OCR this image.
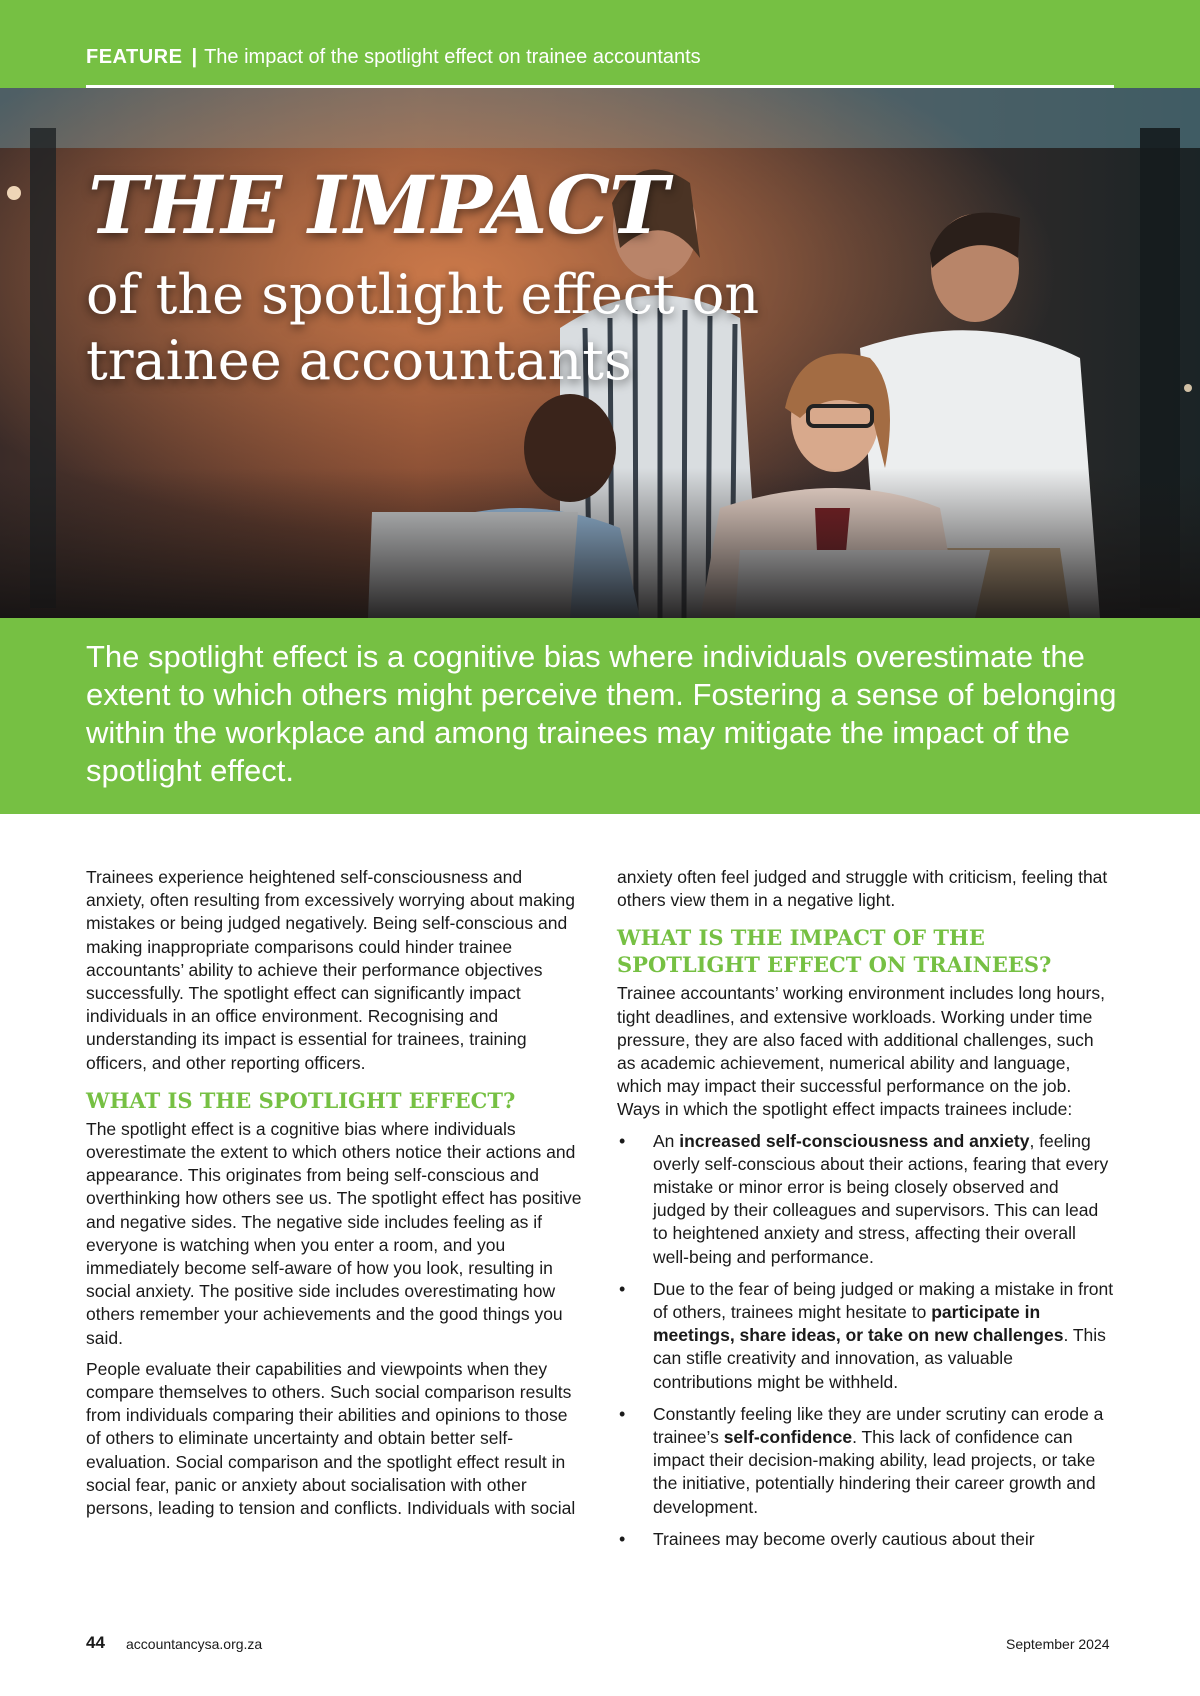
FEATURE | The impact of the spotlight effect on trainee accountants
THE IMPACT
of the spotlight effect on trainee accountants
The spotlight effect is a cognitive bias where individuals overestimate the extent to which others might perceive them. Fostering a sense of belonging within the workplace and among trainees may mitigate the impact of the spotlight effect.

Trainees experience heightened self-consciousness and anxiety, often resulting from excessively worrying about making mistakes or being judged negatively. Being self-conscious and making inappropriate comparisons could hinder trainee accountants’ ability to achieve their performance objectives successfully. The spotlight effect can significantly impact individuals in an office environment. Recognising and understanding its impact is essential for trainees, training officers, and other reporting officers.

WHAT IS THE SPOTLIGHT EFFECT?

The spotlight effect is a cognitive bias where individuals overestimate the extent to which others notice their actions and appearance. This originates from being self-conscious and overthinking how others see us. The spotlight effect has positive and negative sides. The negative side includes feeling as if everyone is watching when you enter a room, and you immediately become self-aware of how you look, resulting in social anxiety. The positive side includes overestimating how others remember your achievements and the good things you said.

People evaluate their capabilities and viewpoints when they compare themselves to others. Such social comparison results from individuals comparing their abilities and opinions to those of others to eliminate uncertainty and obtain better self-evaluation. Social comparison and the spotlight effect result in social fear, panic or anxiety about socialisation with other persons, leading to tension and conflicts. Individuals with social

anxiety often feel judged and struggle with criticism, feeling that others view them in a negative light.

WHAT IS THE IMPACT OF THE SPOTLIGHT EFFECT ON TRAINEES?

Trainee accountants’ working environment includes long hours, tight deadlines, and extensive workloads. Working under time pressure, they are also faced with additional challenges, such as academic achievement, numerical ability and language, which may impact their successful performance on the job. Ways in which the spotlight effect impacts trainees include:

• An increased self-consciousness and anxiety, feeling overly self-conscious about their actions, fearing that every mistake or minor error is being closely observed and judged by their colleagues and supervisors. This can lead to heightened anxiety and stress, affecting their overall well-being and performance.
• Due to the fear of being judged or making a mistake in front of others, trainees might hesitate to participate in meetings, share ideas, or take on new challenges. This can stifle creativity and innovation, as valuable contributions might be withheld.
• Constantly feeling like they are under scrutiny can erode a trainee’s self-confidence. This lack of confidence can impact their decision-making ability, lead projects, or take the initiative, potentially hindering their career growth and development.
• Trainees may become overly cautious about their
44 accountancysa.org.za	September 2024
